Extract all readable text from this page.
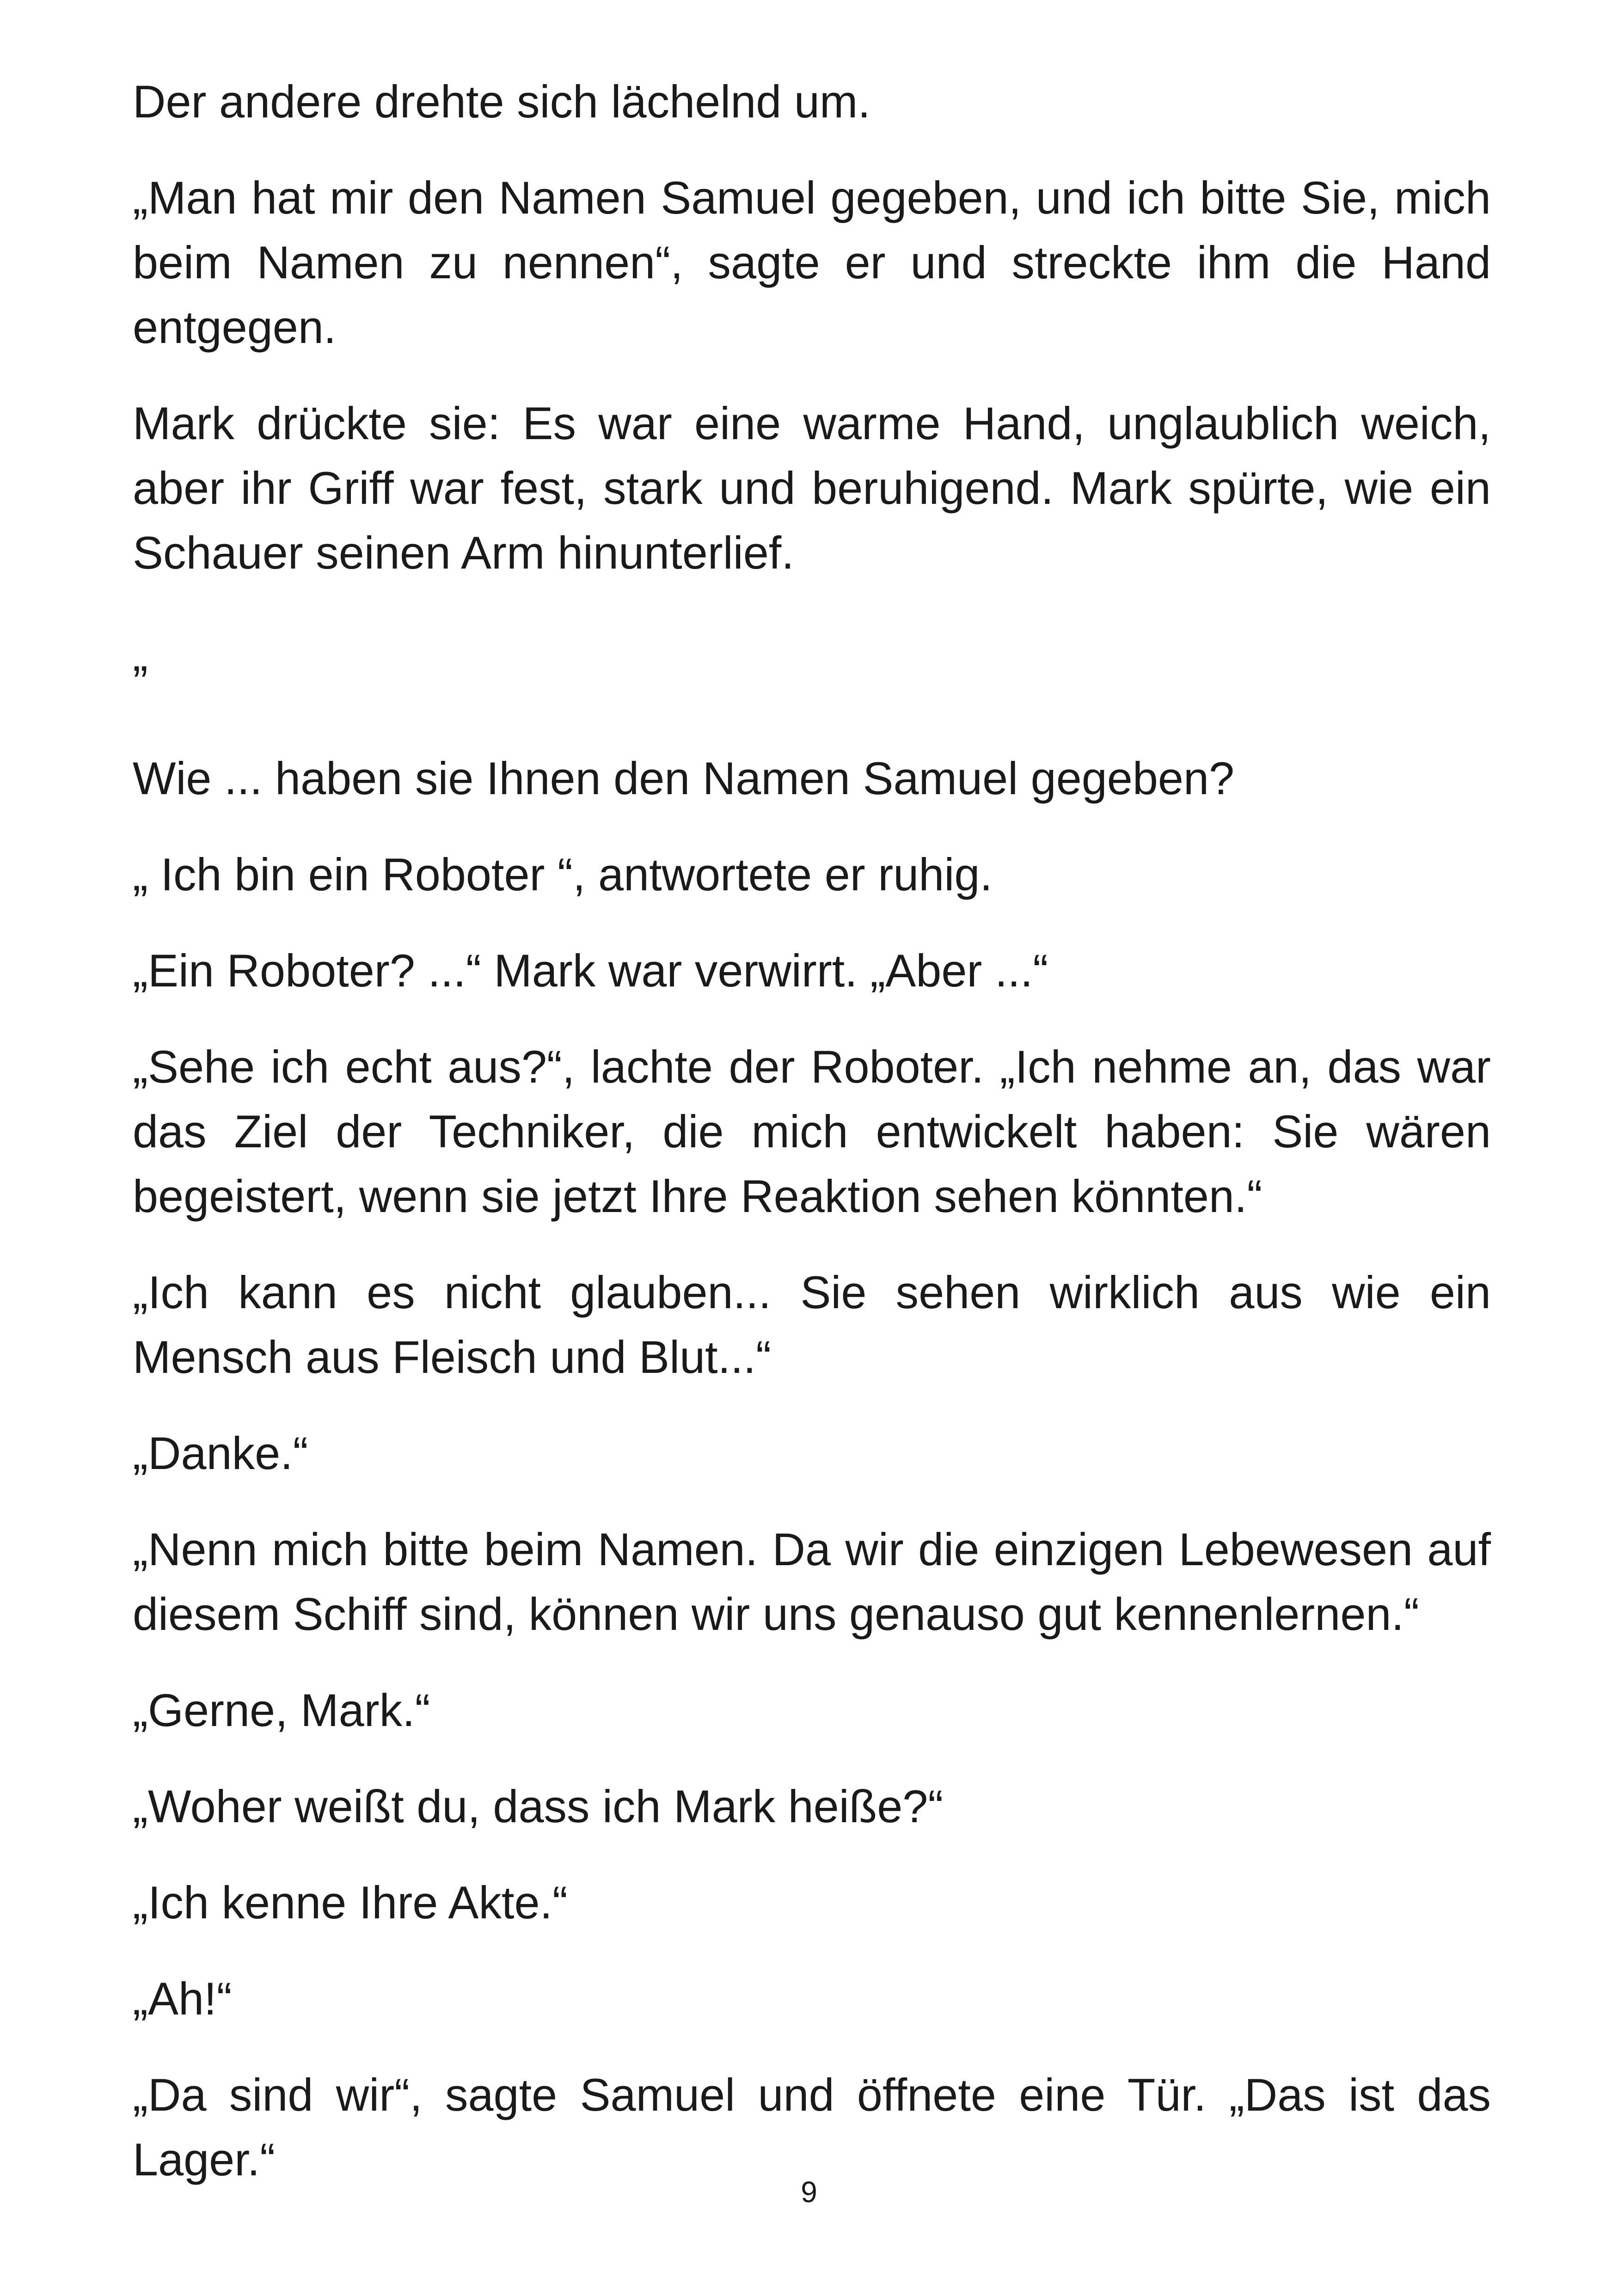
Der andere drehte sich lächelnd um.

„Man hat mir den Namen Samuel gegeben, und ich bitte Sie, mich beim Namen zu nennen“, sagte er und streckte ihm die Hand entgegen.

Mark drückte sie: Es war eine warme Hand, unglaublich weich, aber ihr Griff war fest, stark und beruhigend. Mark spürte, wie ein Schauer seinen Arm hinunterlief.

”

Wie ... haben sie Ihnen den Namen Samuel gegeben?

„ Ich bin ein Roboter “, antwortete er ruhig.

„Ein Roboter? ...“ Mark war verwirrt. „Aber ...“

„Sehe ich echt aus?“, lachte der Roboter. „Ich nehme an, das war das Ziel der Techniker, die mich entwickelt haben: Sie wären begeistert, wenn sie jetzt Ihre Reaktion sehen könnten.“

„Ich kann es nicht glauben... Sie sehen wirklich aus wie ein Mensch aus Fleisch und Blut...“

„Danke.“

„Nenn mich bitte beim Namen. Da wir die einzigen Lebewesen auf diesem Schiff sind, können wir uns genauso gut kennenlernen.“

„Gerne, Mark.“

„Woher weißt du, dass ich Mark heiße?“

„Ich kenne Ihre Akte.“

„Ah!“

„Da sind wir“, sagte Samuel und öffnete eine Tür. „Das ist das Lager.“

9
